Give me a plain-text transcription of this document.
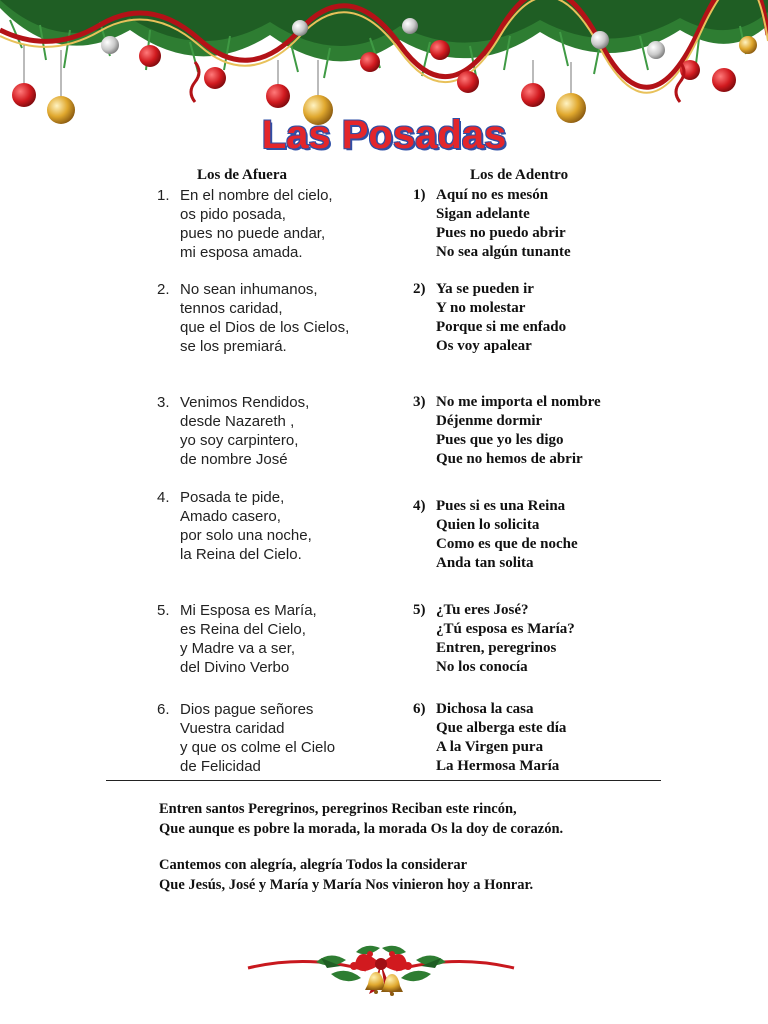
Las Posadas
Los de Afuera	Los de Adentro
1. En el nombre del cielo,
os pido posada,
pues no puede andar,
mi esposa amada.
2. No sean inhumanos,
tennos caridad,
que el Dios de los Cielos,
se los premiará.
3. Venimos Rendidos,
desde Nazareth ,
yo soy carpintero,
de nombre José
4. Posada te pide,
Amado casero,
por solo una noche,
la Reina del Cielo.
5. Mi Esposa es María,
es Reina del Cielo,
y Madre va a ser,
del Divino Verbo
6. Dios pague señores
Vuestra caridad
y que os colme el Cielo
de Felicidad
1) Aquí no es mesón
Sigan adelante
Pues no puedo abrir
No sea algún tunante
2) Ya se pueden ir
Y no molestar
Porque si me enfado
Os voy apalear
3) No me importa el nombre
Déjenme dormir
Pues que yo les digo
Que no hemos de abrir
4) Pues si es una Reina
Quien lo solicita
Como es que de noche
Anda tan solita
5) ¿Tu eres José?
¿Tú esposa es María?
Entren, peregrinos
No los conocía
6) Dichosa la casa
Que alberga este día
A la Virgen pura
La Hermosa María
Entren santos Peregrinos, peregrinos Reciban este rincón,
Que aunque es pobre la morada, la morada Os la doy de corazón.
Cantemos con alegría, alegría Todos la considerar
Que Jesús, José y María y María Nos vinieron hoy a Honrar.
